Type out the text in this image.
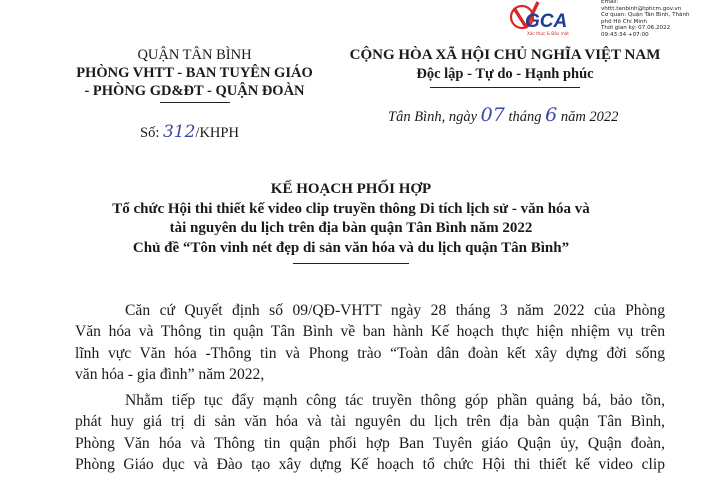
GCA
Xác thực & Bảo mật
Email:
vhttt.tanbinh@tphcm.gov.vn
Cơ quan: Quận Tân Bình, Thành
phố Hồ Chí Minh
Thời gian ký: 07.06.2022
09:43:34 +07:00
QUẬN TÂN BÌNH
PHÒNG VHTT - BAN TUYÊN GIÁO
- PHÒNG GD&ĐT - QUẬN ĐOÀN
Số: 312/KHPH
CỘNG HÒA XÃ HỘI CHỦ NGHĨA VIỆT NAM
Độc lập - Tự do - Hạnh phúc
Tân Bình, ngày 07 tháng 6 năm 2022
KẾ HOẠCH PHỐI HỢP
Tổ chức Hội thi thiết kế video clip truyền thông Di tích lịch sử - văn hóa và
tài nguyên du lịch trên địa bàn quận Tân Bình năm 2022
Chủ đề “Tôn vinh nét đẹp di sản văn hóa và du lịch quận Tân Bình”
Căn cứ Quyết định số 09/QĐ-VHTT ngày 28 tháng 3 năm 2022 của Phòng
Văn hóa và Thông tin quận Tân Bình về ban hành Kế hoạch thực hiện nhiệm vụ trên
lĩnh vực Văn hóa -Thông tin và Phong trào “Toàn dân đoàn kết xây dựng đời sống
văn hóa - gia đình” năm 2022,
Nhằm tiếp tục đẩy mạnh công tác truyền thông góp phần quảng bá, bảo tồn,
phát huy giá trị di sản văn hóa và tài nguyên du lịch trên địa bàn quận Tân Bình,
Phòng Văn hóa và Thông tin quận phối hợp Ban Tuyên giáo Quận ủy, Quận đoàn,
Phòng Giáo dục và Đào tạo xây dựng Kế hoạch tổ chức Hội thi thiết kế video clip
